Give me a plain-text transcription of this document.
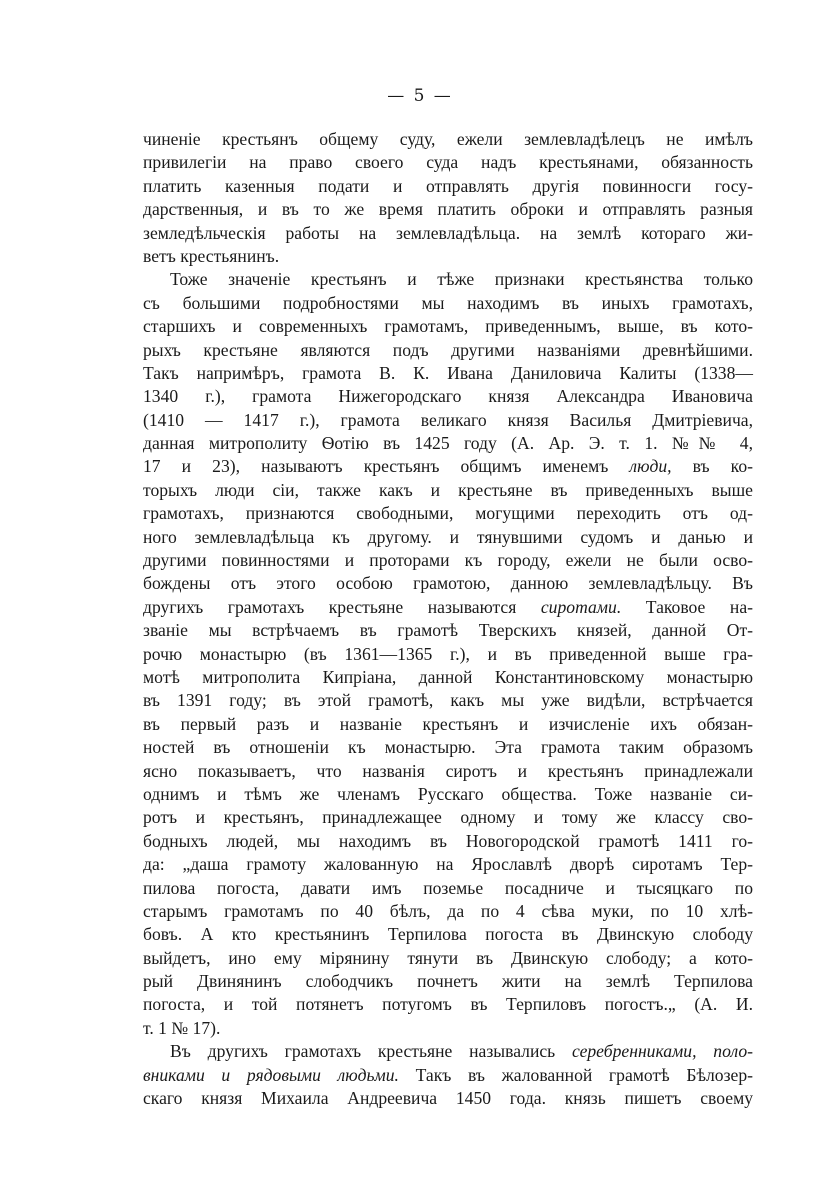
— 5 —
чиненіе крестьянъ общему суду, ежели землевладѣлецъ не имѣлъ
привилегіи на право своего суда надъ крестьянами, обязанность
платить казенныя подати и отправлять другія повинносги госу-
дарственныя, и въ то же время платить оброки и отправлять разныя
земледѣльческія работы на землевладѣльца. на землѣ котораго жи-
ветъ крестьянинъ.
Тоже значеніе крестьянъ и тѣже признаки крестьянства только
съ большими подробностями мы находимъ въ иныхъ грамотахъ,
старшихъ и современныхъ грамотамъ, приведеннымъ, выше, въ кото-
рыхъ крестьяне являются подъ другими названіями древнѣйшими.
Такъ напримѣръ, грамота В. К. Ивана Даниловича Калиты (1338—
1340 г.), грамота Нижегородскаго князя Александра Ивановича
(1410 — 1417 г.), грамота великаго князя Василья Дмитріевича,
данная митрополиту Ѳотію въ 1425 году (А. Ар. Э. т. 1. №№ 4,
17 и 23), называютъ крестьянъ общимъ именемъ люди, въ ко-
торыхъ люди сіи, также какъ и крестьяне въ приведенныхъ выше
грамотахъ, признаются свободными, могущими переходить отъ од-
ного землевладѣльца къ другому. и тянувшими судомъ и данью и
другими повинностями и проторами къ городу, ежели не были осво-
бождены отъ этого особою грамотою, данною землевладѣльцу. Въ
другихъ грамотахъ крестьяне называются сиротами. Таковое на-
званіе мы встрѣчаемъ въ грамотѣ Тверскихъ князей, данной От-
рочю монастырю (въ 1361—1365 г.), и въ приведенной выше гра-
мотѣ митрополита Кипріана, данной Константиновскому монастырю
въ 1391 году; въ этой грамотѣ, какъ мы уже видѣли, встрѣчается
въ первый разъ и названіе крестьянъ и изчисленіе ихъ обязан-
ностей въ отношеніи къ монастырю. Эта грамота таким образомъ
ясно показываетъ, что названія сиротъ и крестьянъ принадлежали
однимъ и тѣмъ же членамъ Русскаго общества. Тоже названіе си-
ротъ и крестьянъ, принадлежащее одному и тому же классу сво-
бодныхъ людей, мы находимъ въ Новогородской грамотѣ 1411 го-
да: „даша грамоту жалованную на Ярославлѣ дворѣ сиротамъ Тер-
пилова погоста, давати имъ поземье посадниче и тысяцкаго по
старымъ грамотамъ по 40 бѣлъ, да по 4 сѣва муки, по 10 хлѣ-
бовъ. А кто крестьянинъ Терпилова погоста въ Двинскую слободу
выйдетъ, ино ему мірянину тянути въ Двинскую слободу; а кото-
рый Двинянинъ слободчикъ почнетъ жити на землѣ Терпилова
погоста, и той потянетъ потугомъ въ Терпиловъ погостъ.„ (А. И.
т. 1 № 17).
Въ другихъ грамотахъ крестьяне назывались серебренниками, поло-
вниками и рядовыми людьми. Такъ въ жалованной грамотѣ Бѣлозер-
скаго князя Михаила Андреевича 1450 года. князь пишетъ своему
